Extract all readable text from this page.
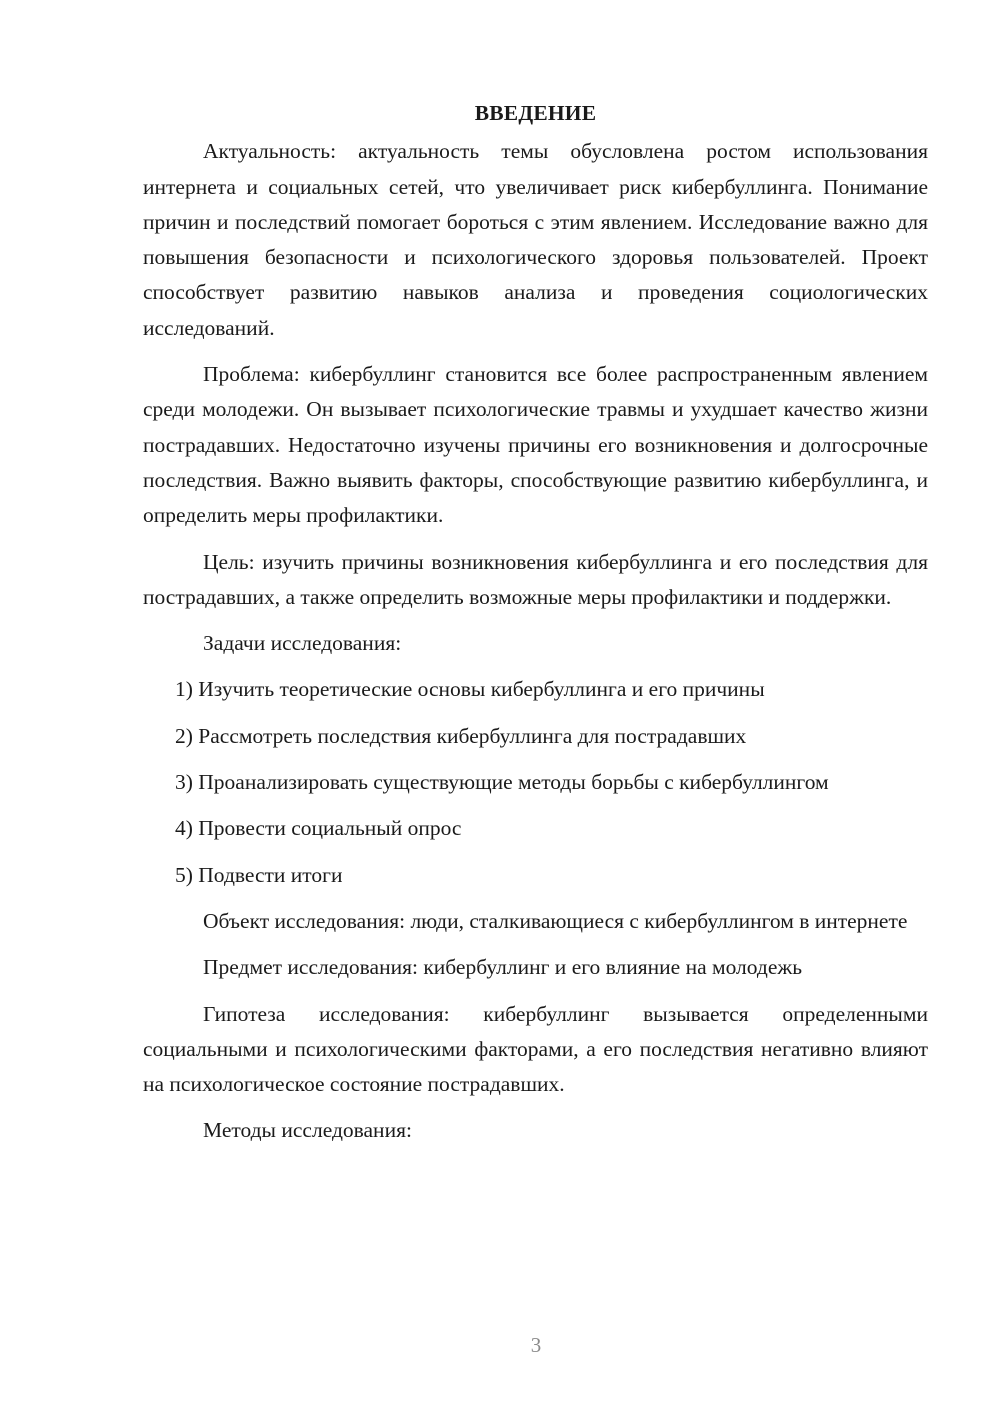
ВВЕДЕНИЕ

Актуальность: актуальность темы обусловлена ростом использования интернета и социальных сетей, что увеличивает риск кибербуллинга. Понимание причин и последствий помогает бороться с этим явлением. Исследование важно для повышения безопасности и психологического здоровья пользователей. Проект способствует развитию навыков анализа и проведения социологических исследований.

Проблема: кибербуллинг становится все более распространенным явлением среди молодежи. Он вызывает психологические травмы и ухудшает качество жизни пострадавших. Недостаточно изучены причины его возникновения и долгосрочные последствия. Важно выявить факторы, способствующие развитию кибербуллинга, и определить меры профилактики.

Цель: изучить причины возникновения кибербуллинга и его последствия для пострадавших, а также определить возможные меры профилактики и поддержки.

Задачи исследования:

1) Изучить теоретические основы кибербуллинга и его причины

2) Рассмотреть последствия кибербуллинга для пострадавших

3) Проанализировать существующие методы борьбы с кибербуллингом

4) Провести социальный опрос

5) Подвести итоги

Объект исследования: люди, сталкивающиеся с кибербуллингом в интернете

Предмет исследования: кибербуллинг и его влияние на молодежь

Гипотеза исследования: кибербуллинг вызывается определенными социальными и психологическими факторами, а его последствия негативно влияют на психологическое состояние пострадавших.

Методы исследования:

3
